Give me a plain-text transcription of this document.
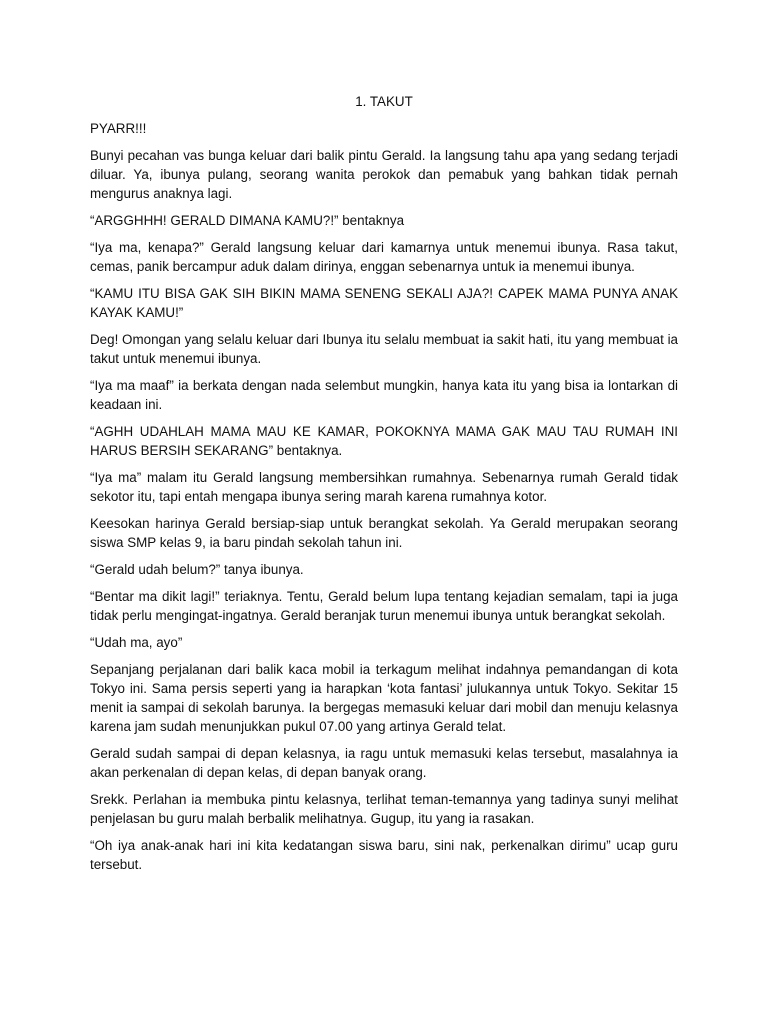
1. TAKUT

PYARR!!!

Bunyi pecahan vas bunga keluar dari balik pintu Gerald. Ia langsung tahu apa yang sedang terjadi diluar. Ya, ibunya pulang, seorang wanita perokok dan pemabuk yang bahkan tidak pernah mengurus anaknya lagi.

“ARGGHHH! GERALD DIMANA KAMU?!” bentaknya

“Iya ma, kenapa?” Gerald langsung keluar dari kamarnya untuk menemui ibunya. Rasa takut, cemas, panik bercampur aduk dalam dirinya, enggan sebenarnya untuk ia menemui ibunya.

“KAMU ITU BISA GAK SIH BIKIN MAMA SENENG SEKALI AJA?! CAPEK MAMA PUNYA ANAK KAYAK KAMU!”

Deg! Omongan yang selalu keluar dari Ibunya itu selalu membuat ia sakit hati, itu yang membuat ia takut untuk menemui ibunya.

“Iya ma maaf” ia berkata dengan nada selembut mungkin, hanya kata itu yang bisa ia lontarkan di keadaan ini.

“AGHH UDAHLAH MAMA MAU KE KAMAR, POKOKNYA MAMA GAK MAU TAU RUMAH INI HARUS BERSIH SEKARANG” bentaknya.

“Iya ma” malam itu Gerald langsung membersihkan rumahnya. Sebenarnya rumah Gerald tidak sekotor itu, tapi entah mengapa ibunya sering marah karena rumahnya kotor.

Keesokan harinya Gerald bersiap-siap untuk berangkat sekolah. Ya Gerald merupakan seorang siswa SMP kelas 9, ia baru pindah sekolah tahun ini.

“Gerald udah belum?” tanya ibunya.

“Bentar ma dikit lagi!” teriaknya. Tentu, Gerald belum lupa tentang kejadian semalam, tapi ia juga tidak perlu mengingat-ingatnya. Gerald beranjak turun menemui ibunya untuk berangkat sekolah.

“Udah ma, ayo”

Sepanjang perjalanan dari balik kaca mobil ia terkagum melihat indahnya pemandangan di kota Tokyo ini. Sama persis seperti yang ia harapkan ‘kota fantasi’ julukannya untuk Tokyo. Sekitar 15 menit ia sampai di sekolah barunya. Ia bergegas memasuki keluar dari mobil dan menuju kelasnya karena jam sudah menunjukkan pukul 07.00 yang artinya Gerald telat.

Gerald sudah sampai di depan kelasnya, ia ragu untuk memasuki kelas tersebut, masalahnya ia akan perkenalan di depan kelas, di depan banyak orang.

Srekk. Perlahan ia membuka pintu kelasnya, terlihat teman-temannya yang tadinya sunyi melihat penjelasan bu guru malah berbalik melihatnya. Gugup, itu yang ia rasakan.

“Oh iya anak-anak hari ini kita kedatangan siswa baru, sini nak, perkenalkan dirimu” ucap guru tersebut.
